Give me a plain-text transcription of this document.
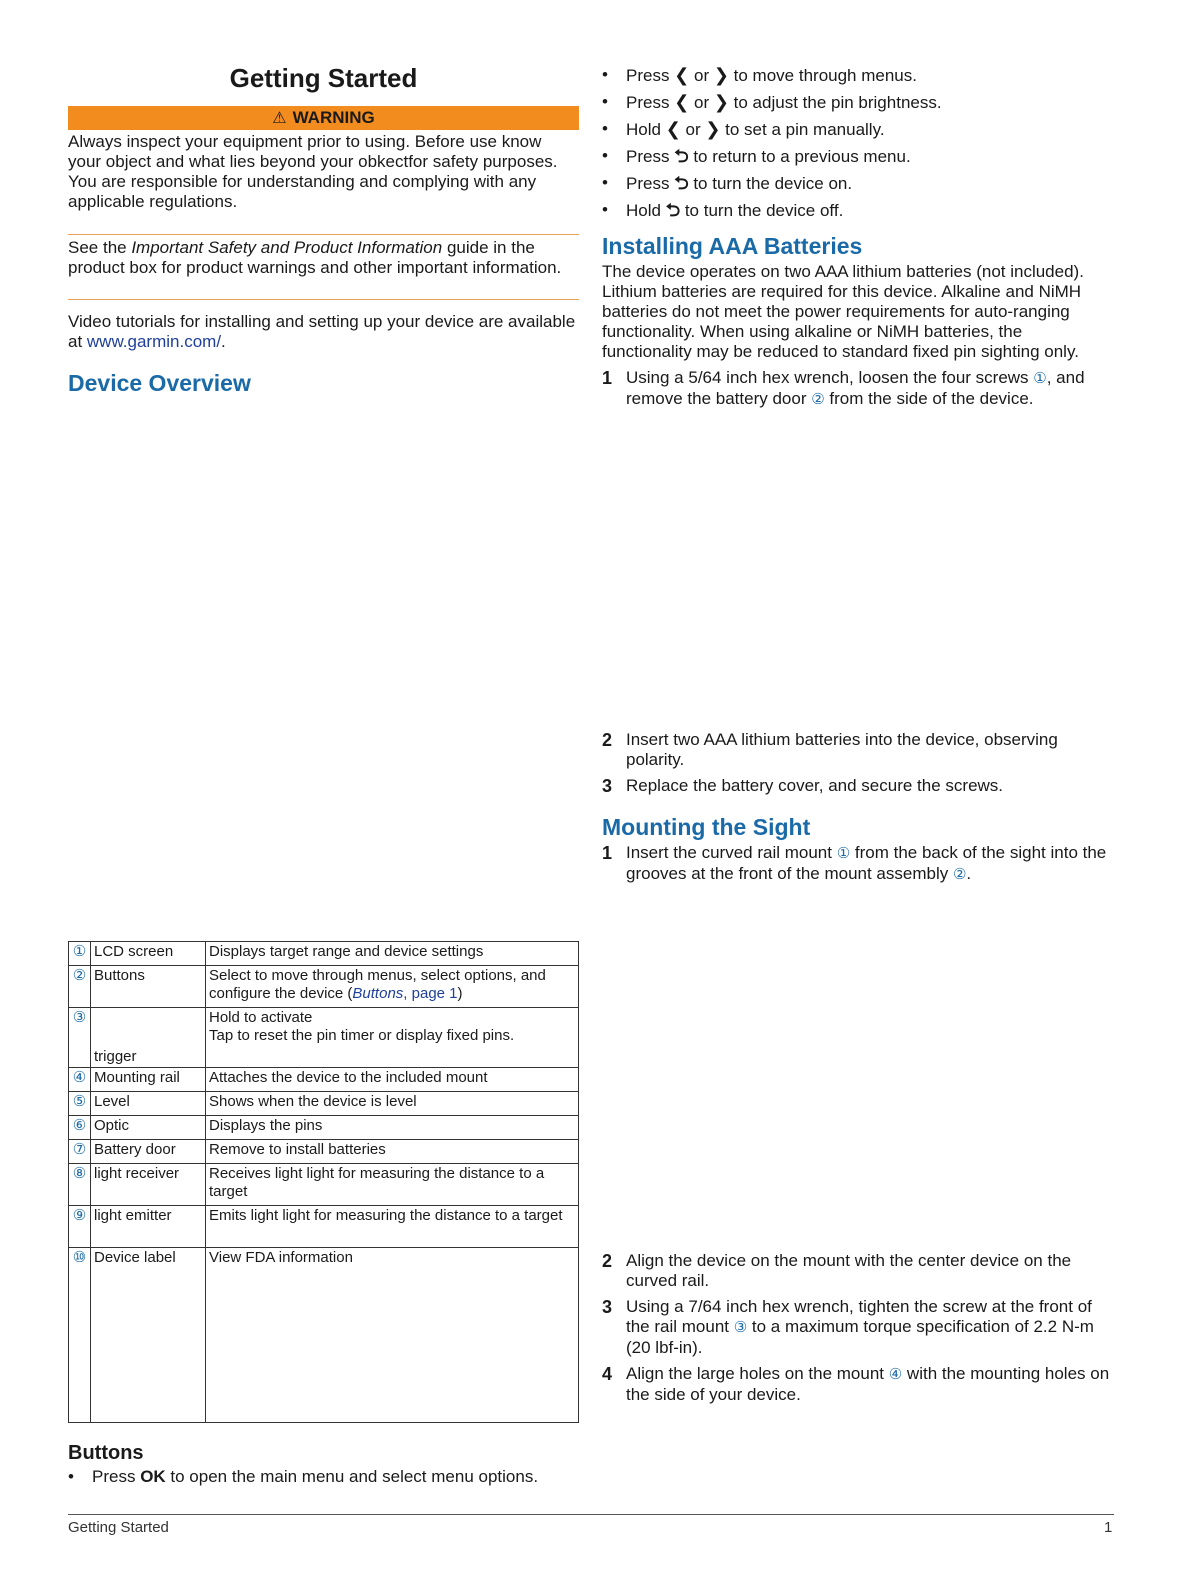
Getting Started
⚠ WARNING

Always inspect your equipment prior to using. Before use know your object and what lies beyond your obkectfor safety purposes. You are responsible for understanding and complying with any applicable regulations.

See the Important Safety and Product Information guide in the product box for product warnings and other important information.

Video tutorials for installing and setting up your device are available at www.garmin.com/.

Device Overview
①	LCD screen	Displays target range and device settings
②	Buttons	Select to move through menus, select options, and configure the device (Buttons, page 1)
③	trigger	Hold to activate
Tap to reset the pin timer or display fixed pins.

④	Mounting rail	Attaches the device to the included mount
⑤	Level	Shows when the device is level
⑥	Optic	Displays the pins
⑦	Battery door	Remove to install batteries
⑧	light receiver	Receives light light for measuring the distance to a target
⑨	light emitter	Emits light light for measuring the distance to a target
⑩	Device label	View FDA information
Buttons
• Press OK to open the main menu and select menu options.
• Press ❮ or ❯ to move through menus.
• Press ❮ or ❯ to adjust the pin brightness.
• Hold ❮ or ❯ to set a pin manually.
• Press ⮌ to return to a previous menu.
• Press ⮌ to turn the device on.
• Hold ⮌ to turn the device off.
Installing AAA Batteries

The device operates on two AAA lithium batteries (not included). Lithium batteries are required for this device. Alkaline and NiMH batteries do not meet the power requirements for auto-ranging functionality. When using alkaline or NiMH batteries, the functionality may be reduced to standard fixed pin sighting only.

1 Using a 5/64 inch hex wrench, loosen the four screws ①, and remove the battery door ② from the side of the device.
2 Insert two AAA lithium batteries into the device, observing polarity.
3 Replace the battery cover, and secure the screws.
Mounting the Sight
1 Insert the curved rail mount ① from the back of the sight into the grooves at the front of the mount assembly ②.
2 Align the device on the mount with the center device on the curved rail.
3 Using a 7/64 inch hex wrench, tighten the screw at the front of the rail mount ③ to a maximum torque specification of 2.2 N-m (20 lbf-in).
4 Align the large holes on the mount ④ with the mounting holes on the side of your device.
Getting Started	1
